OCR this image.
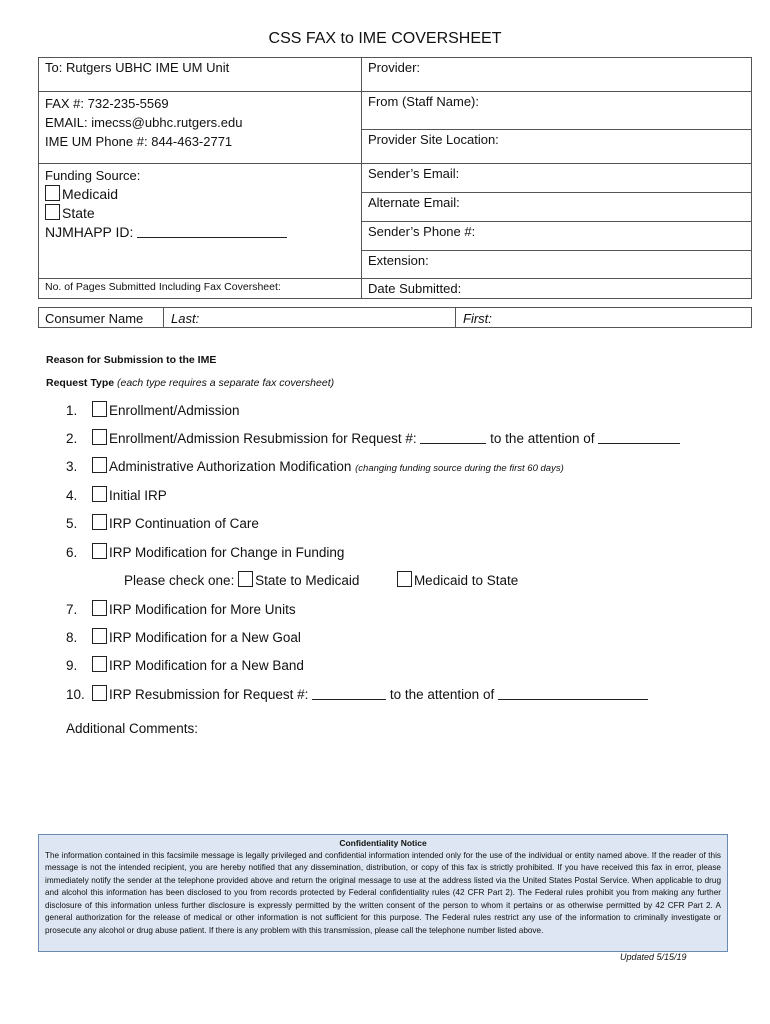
CSS FAX to IME COVERSHEET
To: Rutgers UBHC IME UM Unit	Provider:

FAX #: 732-235-5569
EMAIL: imecss@ubhc.rutgers.edu
IME UM Phone #: 844-463-2771	From (Staff Name):
	Provider Site Location:

Funding Source:
Medicaid
State
NJMHAPP ID:	Sender’s Email:
	Alternate Email:
	Sender’s Phone #:
	Extension:
No. of Pages Submitted Including Fax Coversheet:	Date Submitted:
Consumer Name Last:	First:
Reason for Submission to the IME
Request Type (each type requires a separate fax coversheet)
1. Enrollment/Admission
2. Enrollment/Admission Resubmission for Request #:	to the attention of
3. Administrative Authorization Modification (changing funding source during the first 60 days)
4. Initial IRP
5. IRP Continuation of Care
6. IRP Modification for Change in Funding
Please check one: State to Medicaid	Medicaid to State
7. IRP Modification for More Units
8. IRP Modification for a New Goal
9. IRP Modification for a New Band
10. IRP Resubmission for Request #:	to the attention of
Additional Comments:
Confidentiality Notice
The information contained in this facsimile message is legally privileged and confidential information intended only for the use of the individual or entity named above. If the reader of this message is not the intended recipient, you are hereby notified that any dissemination, distribution, or copy of this fax is strictly prohibited. If you have received this fax in error, please immediately notify the sender at the telephone provided above and return the original message to use at the address listed via the United States Postal Service. When applicable to drug and alcohol this information has been disclosed to you from records protected by Federal confidentiality rules (42 CFR Part 2). The Federal rules prohibit you from making any further disclosure of this information unless further disclosure is expressly permitted by the written consent of the person to whom it pertains or as otherwise permitted by 42 CFR Part 2. A general authorization for the release of medical or other information is not sufficient for this purpose. The Federal rules restrict any use of the information to criminally investigate or prosecute any alcohol or drug abuse patient. If there is any problem with this transmission, please call the telephone number listed above.
Updated 5/15/19
